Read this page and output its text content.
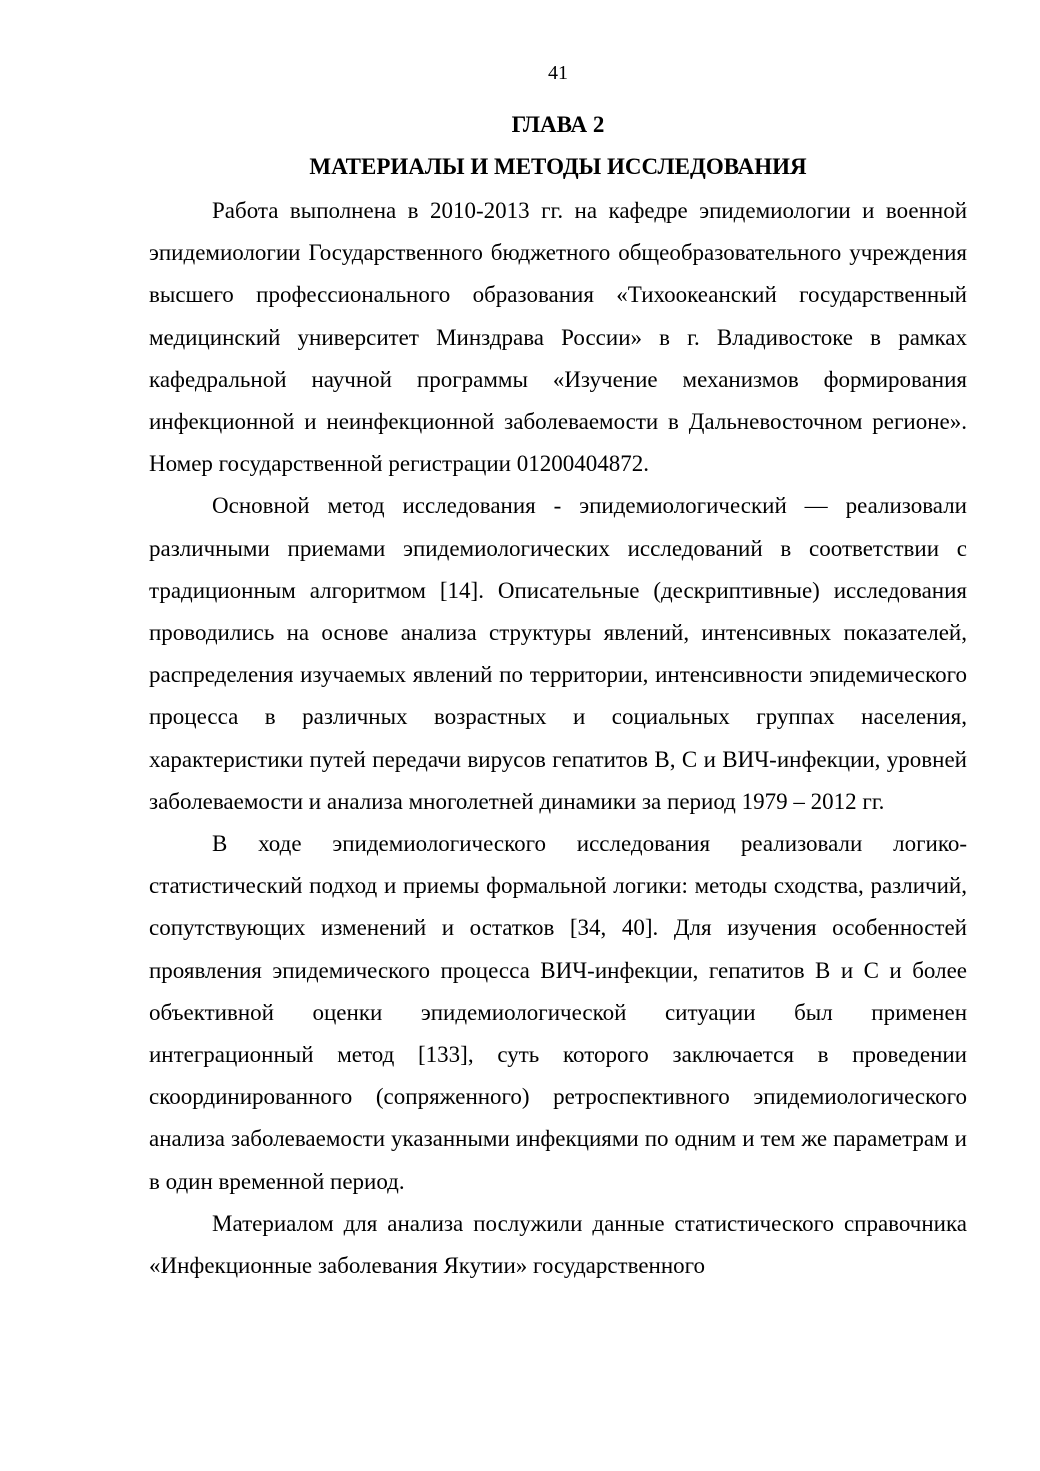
41
ГЛАВА 2
МАТЕРИАЛЫ И МЕТОДЫ ИССЛЕДОВАНИЯ

Работа выполнена в 2010-2013 гг. на кафедре эпидемиологии и военной эпидемиологии Государственного бюджетного общеобразовательного учреждения высшего профессионального образования «Тихоокеанский государственный медицинский университет Минздрава России» в г. Владивостоке в рамках кафедральной научной программы «Изучение механизмов формирования инфекционной и неинфекционной заболеваемости в Дальневосточном регионе». Номер государственной регистрации 01200404872.

Основной метод исследования - эпидемиологический — реализовали различными приемами эпидемиологических исследований в соответствии с традиционным алгоритмом [14]. Описательные (дескриптивные) исследования проводились на основе анализа структуры явлений, интенсивных показателей, распределения изучаемых явлений по территории, интенсивности эпидемического процесса в различных возрастных и социальных группах населения, характеристики путей передачи вирусов гепатитов В, С и ВИЧ-инфекции, уровней заболеваемости и анализа многолетней динамики за период 1979 – 2012 гг.

В ходе эпидемиологического исследования реализовали логико-статистический подход и приемы формальной логики: методы сходства, различий, сопутствующих изменений и остатков [34, 40]. Для изучения особенностей проявления эпидемического процесса ВИЧ-инфекции, гепатитов В и С и более объективной оценки эпидемиологической ситуации был применен интеграционный метод [133], суть которого заключается в проведении скоординированного (сопряженного) ретроспективного эпидемиологического анализа заболеваемости указанными инфекциями по одним и тем же параметрам и в один временной период.

Материалом для анализа послужили данные статистического справочника «Инфекционные заболевания Якутии» государственного
